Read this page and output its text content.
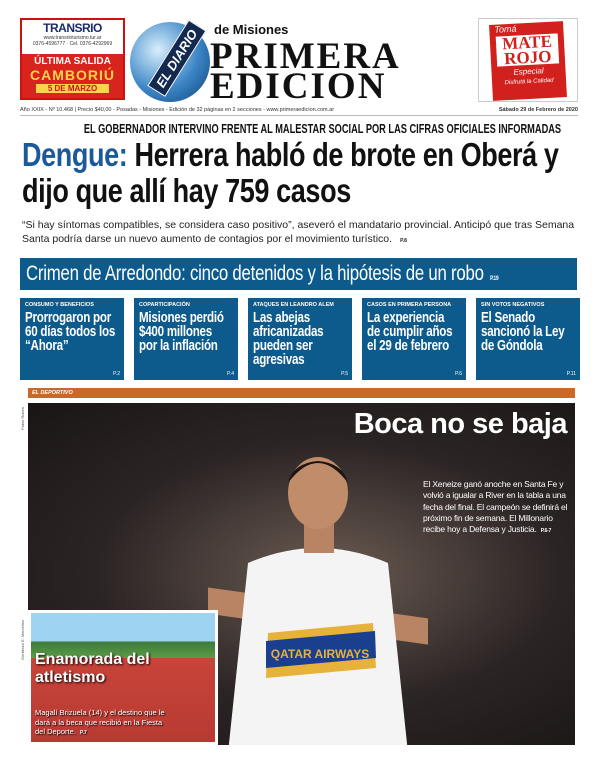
TRANSRIO
www.transrioturismo.tur.ar
0376-4596777 · Cel. 0376-4292969
ÚLTIMA SALIDA
CAMBORIÚ
5 DE MARZO	EL DIARIO	de Misiones
PRIMERA
EDICION
Tomá
MATE ROJO
Especial
Disfrutá la Calidad
Año XXIX - Nº 10.468 | Precio $40,00 - Posadas - Misiones - Edición de 32 páginas en 2 secciones - www.primeraedicion.com.ar	Sábado 29 de Febrero de 2020
EL GOBERNADOR INTERVINO FRENTE AL MALESTAR SOCIAL POR LAS CIFRAS OFICIALES INFORMADAS
Dengue: Herrera habló de brote en Oberá y dijo que allí hay 759 casos
“Si hay síntomas compatibles, se considera caso positivo”, aseveró el mandatario provincial. Anticipó que tras Semana Santa podría darse un nuevo aumento de contagios por el movimiento turístico. P.8
Crimen de Arredondo: cinco detenidos y la hipótesis de un robo P.19
CONSUMO Y BENEFICIOS
Prorrogaron por 60 días todos los “Ahora”
P.2
COPARTICIPACIÓN
Misiones perdió $400 millones por la inflación
P.4
ATAQUES EN LEANDRO ALEM
Las abejas africanizadas pueden ser agresivas
P.5
CASOS EN PRIMERA PERSONA
La experiencia de cumplir años el 29 de febrero
P.6
SIN VOTOS NEGATIVOS
El Senado sancionó la Ley de Góndola
P.11
EL DEPORTIVO
QATAR AIRWAYS
Boca no se baja
El Xeneize ganó anoche en Santa Fe y volvió a igualar a River en la tabla a una fecha del final. El campeón se definirá el próximo fin de semana. El Millonario recibe hoy a Defensa y Justicia. P.6-7
Pablo Rubén
Enamorada del atletismo
Magalí Brizuela (14) y el destino que le dará a la beca que recibió en la Fiesta del Deporte. P.7
Gentileza E. Marcelino
